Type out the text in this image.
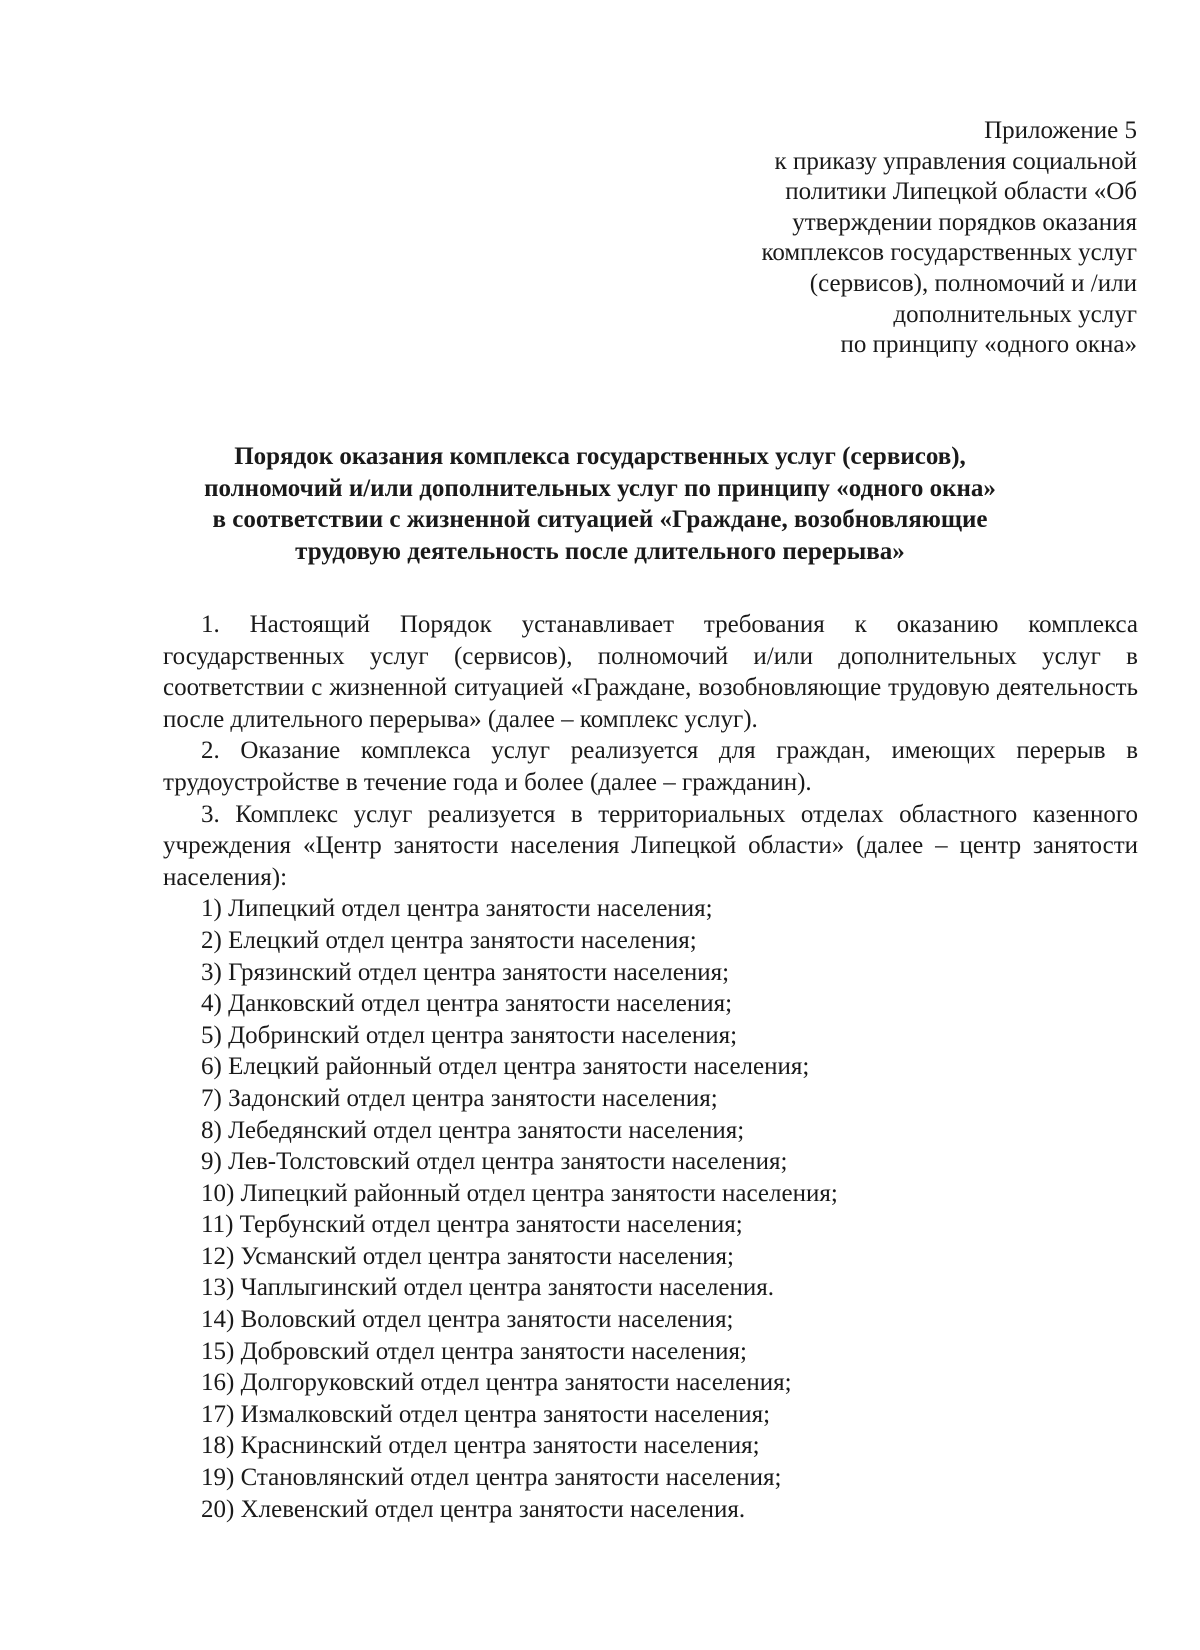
Приложение 5
к приказу управления социальной
политики Липецкой области «Об
утверждении порядков оказания
комплексов государственных услуг
(сервисов), полномочий и /или
дополнительных услуг
по принципу «одного окна»
Порядок оказания комплекса государственных услуг (сервисов),
полномочий и/или дополнительных услуг по принципу «одного окна»
в соответствии с жизненной ситуацией «Граждане, возобновляющие
трудовую деятельность после длительного перерыва»

1. Настоящий Порядок устанавливает требования к оказанию комплекса государственных услуг (сервисов), полномочий и/или дополнительных услуг в соответствии с жизненной ситуацией «Граждане, возобновляющие трудовую деятельность после длительного перерыва» (далее – комплекс услуг).

2. Оказание комплекса услуг реализуется для граждан, имеющих перерыв в трудоустройстве в течение года и более (далее – гражданин).

3. Комплекс услуг реализуется в территориальных отделах областного казенного учреждения «Центр занятости населения Липецкой области» (далее – центр занятости населения):

1) Липецкий отдел центра занятости населения;
2) Елецкий отдел центра занятости населения;
3) Грязинский отдел центра занятости населения;
4) Данковский отдел центра занятости населения;
5) Добринский отдел центра занятости населения;
6) Елецкий районный отдел центра занятости населения;
7) Задонский отдел центра занятости населения;
8) Лебедянский отдел центра занятости населения;
9) Лев-Толстовский отдел центра занятости населения;
10) Липецкий районный отдел центра занятости населения;
11) Тербунский отдел центра занятости населения;
12) Усманский отдел центра занятости населения;
13) Чаплыгинский отдел центра занятости населения.
14) Воловский отдел центра занятости населения;
15) Добровский отдел центра занятости населения;
16) Долгоруковский отдел центра занятости населения;
17) Измалковский отдел центра занятости населения;
18) Краснинский отдел центра занятости населения;
19) Становлянский отдел центра занятости населения;
20) Хлевенский отдел центра занятости населения.
